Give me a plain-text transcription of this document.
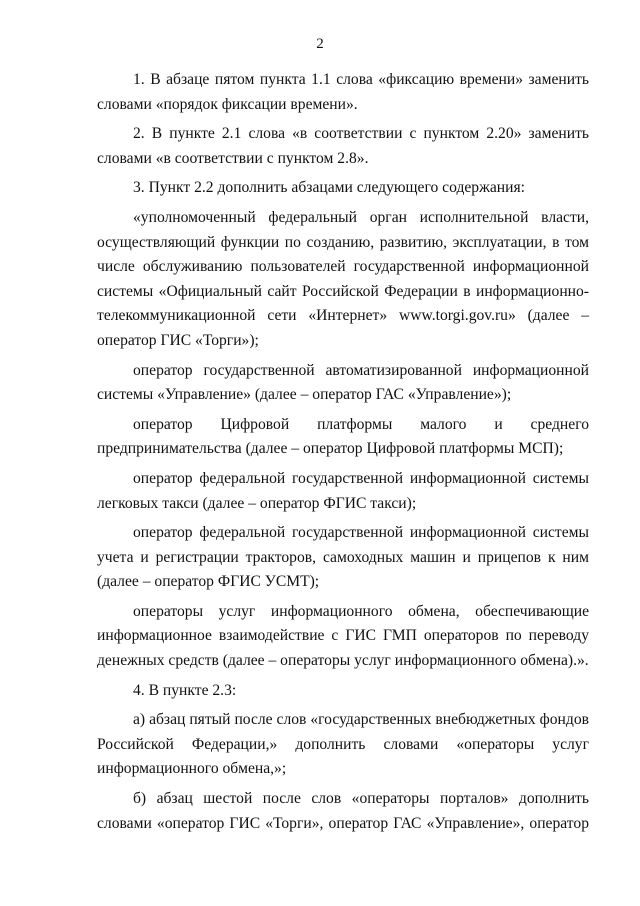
2

1. В абзаце пятом пункта 1.1 слова «фиксацию времени» заменить словами «порядок фиксации времени».

2. В пункте 2.1 слова «в соответствии с пунктом 2.20» заменить словами «в соответствии с пунктом 2.8».

3. Пункт 2.2 дополнить абзацами следующего содержания:

«уполномоченный федеральный орган исполнительной власти, осуществляющий функции по созданию, развитию, эксплуатации, в том числе обслуживанию пользователей государственной информационной системы «Официальный сайт Российской Федерации в информационно-телекоммуникационной сети «Интернет» www.torgi.gov.ru» (далее – оператор ГИС «Торги»);

оператор государственной автоматизированной информационной системы «Управление» (далее – оператор ГАС «Управление»);

оператор Цифровой платформы малого и среднего предпринимательства (далее – оператор Цифровой платформы МСП);

оператор федеральной государственной информационной системы легковых такси (далее – оператор ФГИС такси);

оператор федеральной государственной информационной системы учета и регистрации тракторов, самоходных машин и прицепов к ним (далее – оператор ФГИС УСМТ);

операторы услуг информационного обмена, обеспечивающие информационное взаимодействие с ГИС ГМП операторов по переводу денежных средств (далее – операторы услуг информационного обмена).».

4. В пункте 2.3:

а) абзац пятый после слов «государственных внебюджетных фондов Российской Федерации,» дополнить словами «операторы услуг информационного обмена,»;

б) абзац шестой после слов «операторы порталов» дополнить словами «оператор ГИС «Торги», оператор ГАС «Управление», оператор
